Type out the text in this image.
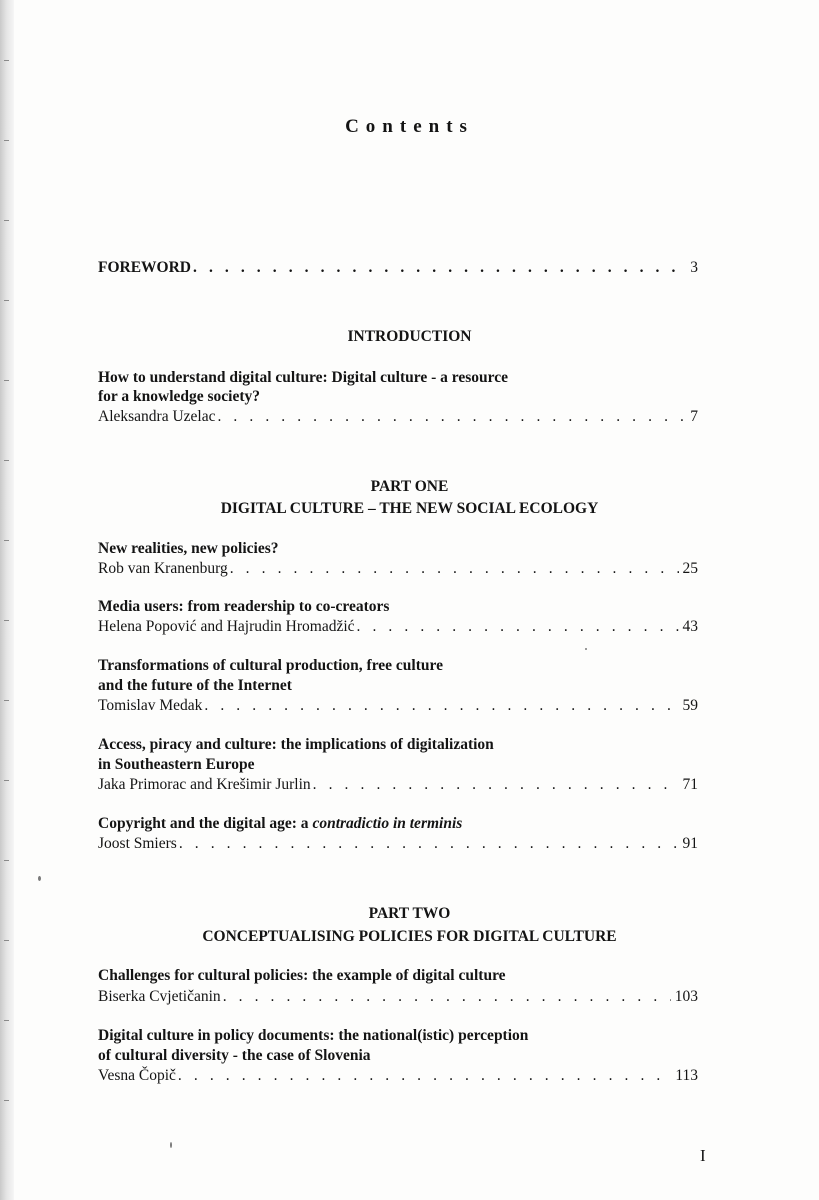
Contents
FOREWORD . . .	3
INTRODUCTION
How to understand digital culture: Digital culture - a resource
for a knowledge society?
Aleksandra Uzelac . . .	7
PART ONE
DIGITAL CULTURE – THE NEW SOCIAL ECOLOGY
New realities, new policies?
Rob van Kranenburg . . .	25
Media users: from readership to co-creators
Helena Popović and Hajrudin Hromadžić . . .	43
Transformations of cultural production, free culture
and the future of the Internet
Tomislav Medak . . .	59
Access, piracy and culture: the implications of digitalization
in Southeastern Europe
Jaka Primorac and Krešimir Jurlin . . .	71
Copyright and the digital age: a contradictio in terminis
Joost Smiers . . .	91
PART TWO
CONCEPTUALISING POLICIES FOR DIGITAL CULTURE
Challenges for cultural policies: the example of digital culture
Biserka Cvjetičanin . . .	103
Digital culture in policy documents: the national(istic) perception
of cultural diversity - the case of Slovenia
Vesna Čopič . . .	113
I
